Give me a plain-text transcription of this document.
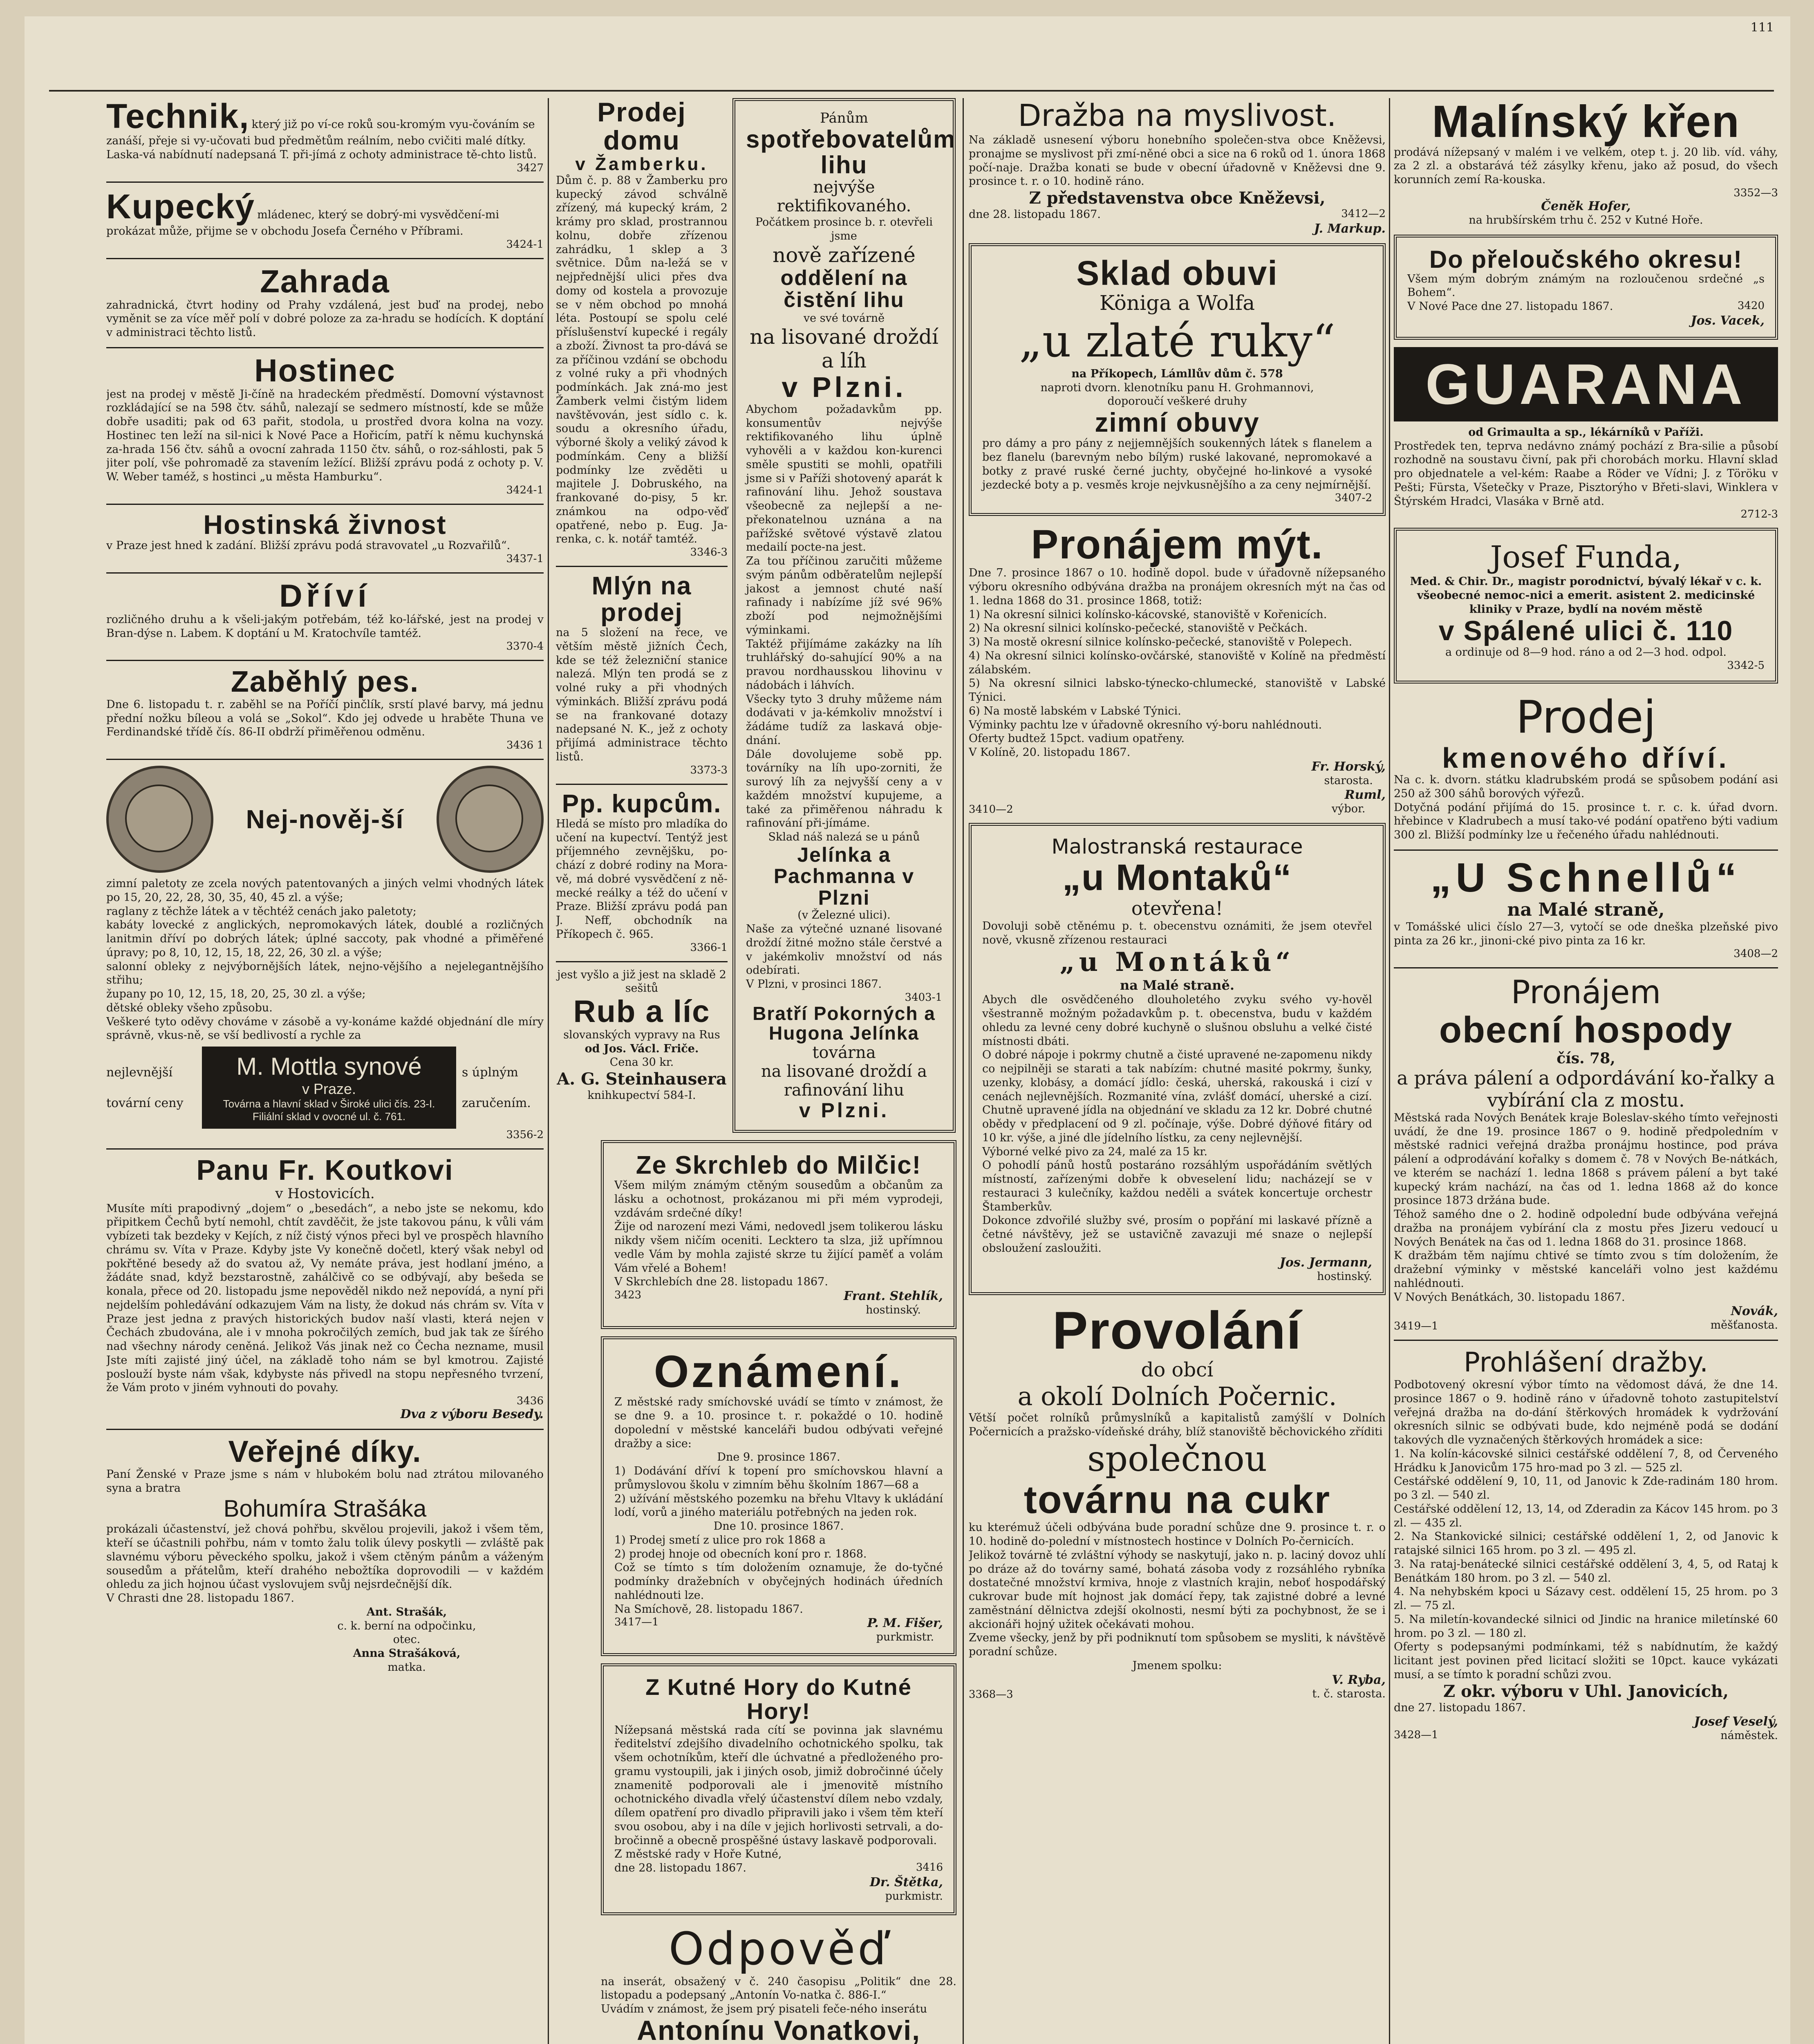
111
Technik, který již po ví-ce roků sou-kromým vyu-čováním se zanáší, přeje si vy-učovati bud předmětům reálním, nebo cvičiti malé dítky. Laska-vá nabídnutí nadepsaná T. při-jímá z ochoty administrace tě-chto listů.
3427
Kupecký mládenec, který se dobrý-mi vysvědčení-mi prokázat může, přijme se v obchodu Josefa Černého v Příbrami.
3424-1
Zahrada
zahradnická, čtvrt hodiny od Prahy vzdálená, jest buď na prodej, nebo vyměnit se za více měř polí v dobré poloze za za-hradu se hodících. K doptání v administraci těchto listů.
Hostinec
jest na prodej v městě Ji-číně na hradeckém předměstí. Domovní výstavnost rozkládající se na 598 čtv. sáhů, nalezají se sedmero místností, kde se může dobře usaditi; pak od 63 pařit, stodola, u prostřed dvora kolna na vozy. Hostinec ten leží na sil-nici k Nové Pace a Hořicím, patří k němu kuchynská za-hrada 156 čtv. sáhů a ovocní zahrada 1150 čtv. sáhů, o roz-sáhlosti, pak 5 jiter polí, vše pohromadě za stavením ležící. Bližší zprávu podá z ochoty p. V. W. Weber taméž, s hostinci „u města Hamburku“.
3424-1
Hostinská živnost
v Praze jest hned k zadání. Bližší zprávu podá stravovatel „u Rozvařilů“.
3437-1
Dříví
rozličného druhu a k všeli-jakým potřebám, též ko-lářské, jest na prodej v Bran-dýse n. Labem. K doptání u M. Kratochvíle tamtéž.
3370-4
Zaběhlý pes.
Dne 6. listopadu t. r. zaběhl se na Poříčí pinčlík, srstí plavé barvy, má jednu přední nožku bíleou a volá se „Sokol“. Kdo jej odvede u hraběte Thuna ve Ferdinandské třídě čís. 86-II obdrží přiměřenou odměnu.
3436 1
Nej-nověj-ší
zimní paletoty ze zcela nových patentovaných a jiných velmi vhodných látek po 15, 20, 22, 28, 30, 35, 40, 45 zl. a výše;
raglany z těchže látek a v těchtéž cenách jako paletoty;
kabáty lovecké z anglických, nepromokavých látek, doublé a rozličných lanitmin dříví po dobrých látek; úplné saccoty, pak vhodné a přiměřené úpravy; po 8, 10, 12, 15, 18, 22, 26, 30 zl. a výše;
salonní obleky z nejvýbornějších látek, nejno-vějšího a nejelegantnějšího střihu;
župany po 10, 12, 15, 18, 20, 25, 30 zl. a výše;
dětské obleky všeho způsobu.
Veškeré tyto oděvy chováme v zásobě a vy-konáme každé objednání dle míry správně, vkus-ně, se vší bedlivostí a rychle za
nejlevnější
tovární ceny
M. Mottla synové
v Praze.
Továrna a hlavní sklad v Široké ulici čís. 23-I. Filiální sklad v ovocné ul. č. 761.
s úplným
zaručením.
3356-2
Panu Fr. Koutkovi
v Hostovicích.
Musíte míti prapodivný „dojem“ o „besedách“, a nebo jste se nekomu, kdo připitkem Čechů bytí nemohl, chtít zavděčit, že jste takovou pánu, k vůli vám vybízeti tak bezdeky v Kejích, z níž čistý výnos přeci byl ve prospěch hlavního chrámu sv. Víta v Praze. Kdyby jste Vy konečně dočetl, který však nebyl od pokřtěné besedy až do svatou až, Vy nemáte práva, jest hodlaní jméno, a žádáte snad, když bezstarostně, zahálčivě co se odbývají, aby bešeda se konala, přece od 20. listopadu jsme nepověděl nikdo než nepovídá, a nyní při nejdelším pohledávání odkazujem Vám na listy, že dokud nás chrám sv. Víta v Praze jest jedna z pravých historických budov naší vlasti, která nejen v Čechách zbudována, ale i v mnoha pokročilých zemích, bud jak tak ze šírého nad všechny národy ceněná. Jelikož Vás jinak než co Čecha nezname, musil Jste míti zajisté jiný účel, na základě toho nám se byl kmotrou. Zajisté poslouží byste nám však, kdybyste nás přivedl na stopu nepřesného tvrzení, že Vám proto v jiném vyhnouti do povahy.
3436
Dva z výboru Besedy.
Veřejné díky.
Paní Ženské v Praze jsme s nám v hlubokém bolu nad ztrátou milovaného syna a bratra
Bohumíra Strašáka
prokázali účastenství, jež chová pohřbu, skvělou projevili, jakož i všem těm, kteří se účastnili pohřbu, nám v tomto žalu tolik úlevy poskytli — zvláště pak slavnému výboru pěveckého spolku, jakož i všem ctěným pánům a váženým sousedům a přátelům, kteří drahého nebožtíka doprovodili — v každém ohledu za jich hojnou účast vyslovujem svůj nejsrdečnější dík.
V Chrasti dne 28. listopadu 1867.
Ant. Strašák,
c. k. berní na odpočinku,
otec.
Anna Strašáková,
matka.
Prodej domu
v Žamberku.
Dům č. p. 88 v Žamberku pro kupecký závod schválně zřízený, má kupecký krám, 2 krámy pro sklad, prostrannou kolnu, dobře zřízenou zahrádku, 1 sklep a 3 světnice. Dům na-ležá se v nejpřednější ulici přes dva domy od kostela a provozuje se v něm obchod po mnohá léta. Postoupí se spolu celé příslušenství kupecké i regály a zboží. Živnost ta pro-dává se za příčinou vzdání se obchodu z volné ruky a při vhodných podmínkách. Jak zná-mo jest Žamberk velmi čistým lidem navštěvován, jest sídlo c. k. soudu a okresního úřadu, výborné školy a veliký závod k podmínkám. Ceny a bližší podmínky lze zvěděti u majitele J. Dobruského, na frankované do-pisy, 5 kr. známkou na odpo-věď opatřené, nebo p. Eug. Ja-renka, c. k. notář tamtéž.
3346-3
Mlýn na prodej
na 5 složení na řece, ve větším městě jižních Čech, kde se též železniční stanice nalezá. Mlýn ten prodá se z volné ruky a při vhodných výminkách. Bližší zprávu podá se na frankované dotazy nadepsané N. K., jež z ochoty přijímá administrace těchto listů.
3373-3
Pp. kupcům.
Hledá se místo pro mladíka do učení na kupectví. Tentýž jest příjemného zevnějšku, po-chází z dobré rodiny na Mora-vě, má dobré vysvědčení z ně-mecké reálky a též do učení v Praze. Bližší zprávu podá pan J. Neff, obchodník na Příkopech č. 965.
3366-1
jest vyšlo a již jest na skladě 2 sešitů
Rub a líc
slovanských vypravy na Rus
od Jos. Václ. Friče.
Cena 30 kr.
A. G. Steinhausera
knihkupectví 584-I.
Pánům
spotřebovatelům lihu
nejvýše rektifikovaného.
Počátkem prosince b. r. otevřeli jsme
nově zařízené
oddělení na čistění lihu
ve své továrně
na lisované droždí a líh
v Plzni.
Abychom požadavkům pp. konsumentův nejvýše rektifikovaného lihu úplně vyhověli a v každou kon-kurenci směle spustiti se mohli, opatřili jsme si v Paříži shotovený aparát k rafinování lihu. Jehož soustava všeobecně za nejlepší a ne-překonatelnou uznána a na pařížské světové výstavě zlatou medailí pocte-na jest.
Za tou příčinou zaručiti můžeme svým pánům odběratelům nejlepší jakost a jemnost chuté naší rafinady i nabízíme jíž své 96% zboží pod nejmožnějšími výminkami.
Taktéž přijímáme zakázky na líh truhlářský do-sahující 90% a na pravou nordhausskou lihovinu v nádobách i láhvích.
Všecky tyto 3 druhy můžeme nám dodávati v ja-kémkoliv množství i žádáme tudíž za laskavá obje-dnání.
Dále dovolujeme sobě pp. továrníky na líh upo-zorniti, že surový líh za nejvyšší ceny a v každém množství kupujeme, a také za přiměřenou náhradu k rafinování při-jímáme.
Sklad náš nalezá se u pánů
Jelínka a Pachmanna v Plzni
(v Železné ulici).
Naše za výtečné uznané lisované droždí žitné možno stále čerstvé a v jakémkoliv množství od nás odebírati.
V Plzni, v prosinci 1867.
3403-1
Bratří Pokorných a Hugona Jelínka
továrna
na lisované droždí a rafinování lihu
v Plzni.
Ze Skrchleb do Milčic!
Všem milým známým ctěným sousedům a občanům za lásku a ochotnost, prokázanou mi při mém vyprodeji, vzdávám srdečné díky!
Žije od narození mezi Vámi, nedovedl jsem tolikerou lásku nikdy všem ničím oceniti. Lecktero ta slza, již upřímnou vedle Vám by mohla zajisté skrze tu žijící paměť a volám Vám vřelé a Bohem!
V Skrchlebích dne 28. listopadu 1867.
3423	Frant. Stehlík,
hostinský.
Oznámení.
Z městské rady smíchovské uvádí se tímto v známost, že se dne 9. a 10. prosince t. r. pokaždé o 10. hodině dopolední v městské kanceláři budou odbývati veřejné dražby a sice:
Dne 9. prosince 1867.
1) Dodávání dříví k topení pro smíchovskou hlavní a průmyslovou školu v zimním běhu školním 1867—68 a
2) užívání městského pozemku na břehu Vltavy k ukládání lodí, vorů a jiného materiálu potřebných na jeden rok.
Dne 10. prosince 1867.
1) Prodej smetí z ulice pro rok 1868 a
2) prodej hnoje od obecních koní pro r. 1868.
Což se tímto s tím doložením oznamuje, že do-tyčné podmínky dražebních v obyčejných hodinách úředních nahlédnouti lze.
Na Smíchově, 28. listopadu 1867.
3417—1	P. M. Fišer,
purkmistr.
Z Kutné Hory do Kutné Hory!
Nížepsaná městská rada cítí se povinna jak slavnému ředitelství zdejšího divadelního ochotnického spolku, tak všem ochotníkům, kteří dle úchvatné a předloženého pro-gramu vystoupili, jak i jiných osob, jimiž dobročinné účely znamenitě podporovali ale i jmenovitě místního ochotnického divadla vřelý účastenství dílem nebo vzdaly, dílem opatření pro divadlo připravili jako i všem těm kteří svou osobou, aby i na díle v jejich horlivosti setrvali, a do-bročinně a obecně prospěšné ústavy laskavě podporovali.
Z městské rady v Hoře Kutné,
dne 28. listopadu 1867.	3416
Dr. Štětka,
purkmistr.
Odpověď
na inserát, obsažený v č. 240 časopisu „Politik“ dne 28. listopadu a podepsaný „Antonín Vo-natka č. 886-I.“
Uvádím v známost, že jsem prý pisateli feče-ného inserátu
Antonínu Vonatkovi,
Dražba na myslivost.
Na základě usnesení výboru honebního společen-stva obce Kněževsi, pronajme se myslivost při zmí-něné obci a sice na 6 roků od 1. února 1868 počí-naje. Dražba konati se bude v obecní úřadovně v Kněževsi dne 9. prosince t. r. o 10. hodině ráno.
Z představenstva obce Kněževsi,
dne 28. listopadu 1867.	3412—2
J. Markup.
Sklad obuvi
Königa a Wolfa
„u zlaté ruky“
na Příkopech, Lámllův dům č. 578
naproti dvorn. klenotníku panu H. Grohmannovi,
doporoučí veškeré druhy
zimní obuvy
pro dámy a pro pány z nejjemnějších soukenných látek s flanelem a bez flanelu (barevným nebo bílým) ruské lakované, nepromokavé a botky z pravé ruské černé juchty, obyčejné ho-linkové a vysoké jezdecké boty a p. vesměs kroje nejvkusnějšího a za ceny nejmírnější.
3407-2
Pronájem mýt.
Dne 7. prosince 1867 o 10. hodině dopol. bude v úřadovně nížepsaného výboru okresního odbývána dražba na pronájem okresních mýt na čas od 1. ledna 1868 do 31. prosince 1868, totiž:
1) Na okresní silnici kolínsko-kácovské, stanoviště v Kořenicích.
2) Na okresní silnici kolínsko-pečecké, stanoviště v Pečkách.
3) Na mostě okresní silnice kolínsko-pečecké, stanoviště v Polepech.
4) Na okresní silnici kolínsko-ovčárské, stanoviště v Kolíně na předměstí zálabském.
5) Na okresní silnici labsko-týnecko-chlumecké, stanoviště v Labské Týnici.
6) Na mostě labském v Labské Týnici.
Výminky pachtu lze v úřadovně okresního vý-boru nahlédnouti.
Oferty budtež 15pct. vadium opatřeny.
V Kolíně, 20. listopadu 1867.
3410—2
Fr. Horský,
starosta.
Ruml,
výbor.
Malostranská restaurace
„u Montaků“
otevřena!
Dovoluji sobě ctěnému p. t. obecenstvu oznámiti, že jsem otevřel nově, vkusně zřízenou restauraci
„u Montáků“
na Malé straně.
Abych dle osvědčeného dlouholetého zvyku svého vy-hověl všestranně možným požadavkům p. t. obecenstva, budu v každém ohledu za levné ceny dobré kuchyně o slušnou obsluhu a velké čisté místnosti dbáti.
O dobré nápoje i pokrmy chutně a čisté upravené ne-zapomenu nikdy co nejpilněji se starati a tak nabízím: chutné masité pokrmy, šunky, uzenky, klobásy, a domácí jídlo: česká, uherská, rakouská i cizí v cenách nejlevnějších. Rozmanité vína, zvlášť domácí, uherské a cizí. Chutně upravené jídla na objednání ve skladu za 12 kr. Dobré chutné obědy v předplacení od 9 zl. počínaje, výše. Dobré dýňové fitáry od 10 kr. výše, a jiné dle jídelního lístku, za ceny nejlevnější.
Výborné velké pivo za 24, malé za 15 kr.
O pohodlí pánů hostů postaráno rozsáhlým uspořádáním světlých místností, zařízenými dobře k obveselení lidu; nacházejí se v restauraci 3 kulečníky, každou neděli a svátek koncertuje orchestr Štamberkův.
Dokonce zdvořilé služby své, prosím o popřání mi laskavé přízně a četné návštěvy, jež se ustavičně zavazuji mé snaze o nejlepší obsloužení zasloužiti.
Jos. Jermann,
hostinský.
Provolání
do obcí
a okolí Dolních Počernic.
Větší počet rolníků průmyslníků a kapitalistů zamýšlí v Dolních Počernicích a pražsko-vídeňské dráhy, blíž stanoviště běchovického zříditi
společnou
továrnu na cukr
ku kterémuž účeli odbývána bude poradní schůze dne 9. prosince t. r. o 10. hodině do-polední v místnostech hostince v Dolních Po-černicích.
Jelikož továrně té zvláštní výhody se naskytují, jako n. p. laciný dovoz uhlí po dráze až do továrny samé, bohatá zásoba vody z rozsáhlého rybníka dostatečné množství krmiva, hnoje z vlastních krajin, neboť hospodářský cukrovar bude mít hojnost jak domácí řepy, tak zajistné dobré a levné zaměstnání dělnictva zdejší okolnosti, nesmí býti za pochybnost, že se i akcionáři hojný užitek očekávati mohou.
Zveme všecky, jenž by při podniknutí tom spůsobem se mysliti, k návštěvě poradní schůze.
Jmenem spolku:
3368—3
V. Ryba,
t. č. starosta.
Malínský křen
prodává nížepsaný v malém i ve velkém, otep t. j. 20 lib. víd. váhy, za 2 zl. a obstarává též zásylky křenu, jako až posud, do všech korunních zemí Ra-kouska.
3352—3
Čeněk Hofer,
na hrubšírském trhu č. 252 v Kutné Hoře.
Do přeloučského okresu!
Všem mým dobrým známým na rozloučenou srdečné „s Bohem“.
V Nové Pace dne 27. listopadu 1867.	3420
Jos. Vacek,
GUARANA
od Grimaulta a sp., lékárníků v Paříži.
Prostředek ten, teprva nedávno známý pochází z Bra-silie a působí rozhodně na soustavu čivní, pak při chorobách morku. Hlavní sklad pro objednatele a vel-kém: Raabe a Röder ve Vídni; J. z Töröku v Pešti; Fürsta, Všetečky v Praze, Pisztorýho v Břeti-slavi, Winklera v Štýrském Hradci, Vlasáka v Brně atd.
2712-3
Josef Funda,
Med. & Chir. Dr., magistr porodnictví, bývalý lékař v c. k. všeobecné nemoc-nici a emerit. asistent 2. medicinské kliniky v Praze, bydlí na novém městě
v Spálené ulici č. 110
a ordinuje od 8—9 hod. ráno a od 2—3 hod. odpol.
3342-5
Prodej
kmenového dříví.
Na c. k. dvorn. státku kladrubském prodá se spůsobem podání asi 250 až 300 sáhů borových výřezů.
Dotyčná podání přijímá do 15. prosince t. r. c. k. úřad dvorn. hřebince v Kladrubech a musí tako-vé podání opatřeno býti vadium 300 zl. Bližší podmínky lze u řečeného úřadu nahlédnouti.
„U Schnellů“
na Malé straně,
v Tomášské ulici číslo 27—3, vytočí se ode dneška plzeňské pivo pinta za 26 kr., jinoni-cké pivo pinta za 16 kr.
3408—2
Pronájem
obecní hospody
čís. 78,
a práva pálení a odpordávání ko-řalky a vybírání cla z mostu.
Městská rada Nových Benátek kraje Boleslav-ského tímto veřejnosti uvádí, že dne 19. prosince 1867 o 9. hodině předpoledním v městské radnici veřejná dražba pronájmu hostince, pod práva pálení a odprodávání kořalky s domem č. 78 v Nových Be-nátkách, ve kterém se nachází 1. ledna 1868 s právem pálení a byt také kupecký krám nachází, na čas od 1. ledna 1868 až do konce prosince 1873 držána bude.
Téhož samého dne o 2. hodině odpolední bude odbývána veřejná dražba na pronájem vybírání cla z mostu přes Jizeru vedoucí u Nových Benátek na čas od 1. ledna 1868 do 31. prosince 1868.
K dražbám těm najímu chtivé se tímto zvou s tím doložením, že dražební výminky v městské kanceláři volno jest každému nahlédnouti.
V Nových Benátkách, 30. listopadu 1867.
3419—1
Novák,
měšťanosta.
Prohlášení dražby.
Podbotovený okresní výbor tímto na vědomost dává, že dne 14. prosince 1867 o 9. hodině ráno v úřadovně tohoto zastupitelství veřejná dražba na do-dání štěrkových hromádek k vydržování okresních silnic se odbývati bude, kdo nejméně podá se dodání takových dle vyznačených štěrkových hromádek a sice:
1. Na kolín-kácovské silnici cestářské oddělení 7, 8, od Červeného Hrádku k Janovicům 175 hro-mad po 3 zl. — 525 zl.
Cestářské oddělení 9, 10, 11, od Janovic k Zde-radinám 180 hrom. po 3 zl. — 540 zl.
Cestářské oddělení 12, 13, 14, od Zderadin za Kácov 145 hrom. po 3 zl. — 435 zl.
2. Na Stankovické silnici; cestářské oddělení 1, 2, od Janovic k ratajské silnici 165 hrom. po 3 zl. — 495 zl.
3. Na rataj-benátecké silnici cestářské oddělení 3, 4, 5, od Rataj k Benátkám 180 hrom. po 3 zl. — 540 zl.
4. Na nehybském kpoci u Sázavy cest. oddělení 15, 25 hrom. po 3 zl. — 75 zl.
5. Na miletín-kovandecké silnici od Jindic na hranice miletínské 60 hrom. po 3 zl. — 180 zl.
Oferty s podepsanými podmínkami, též s nabídnutím, že každý licitant jest povinen před licitací složiti se 10pct. kauce vykázati musí, a se tímto k poradní schůzi zvou.
Z okr. výboru v Uhl. Janovicích,
dne 27. listopadu 1867.
Josef Veselý,
3428—1	náměstek.
